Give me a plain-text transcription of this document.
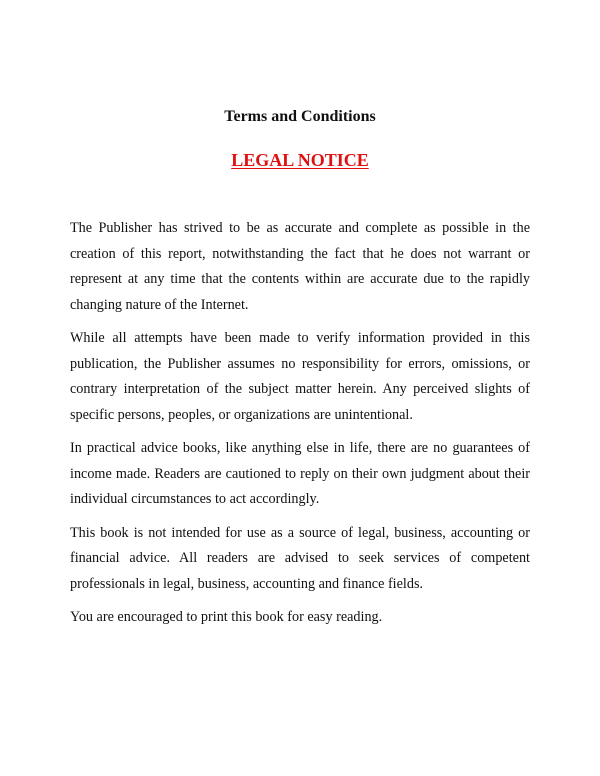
Terms and Conditions
LEGAL NOTICE

The Publisher has strived to be as accurate and complete as possible in the creation of this report, notwithstanding the fact that he does not warrant or represent at any time that the contents within are accurate due to the rapidly changing nature of the Internet.

While all attempts have been made to verify information provided in this publication, the Publisher assumes no responsibility for errors, omissions, or contrary interpretation of the subject matter herein. Any perceived slights of specific persons, peoples, or organizations are unintentional.

In practical advice books, like anything else in life, there are no guarantees of income made. Readers are cautioned to reply on their own judgment about their individual circumstances to act accordingly.

This book is not intended for use as a source of legal, business, accounting or financial advice. All readers are advised to seek services of competent professionals in legal, business, accounting and finance fields.

You are encouraged to print this book for easy reading.
